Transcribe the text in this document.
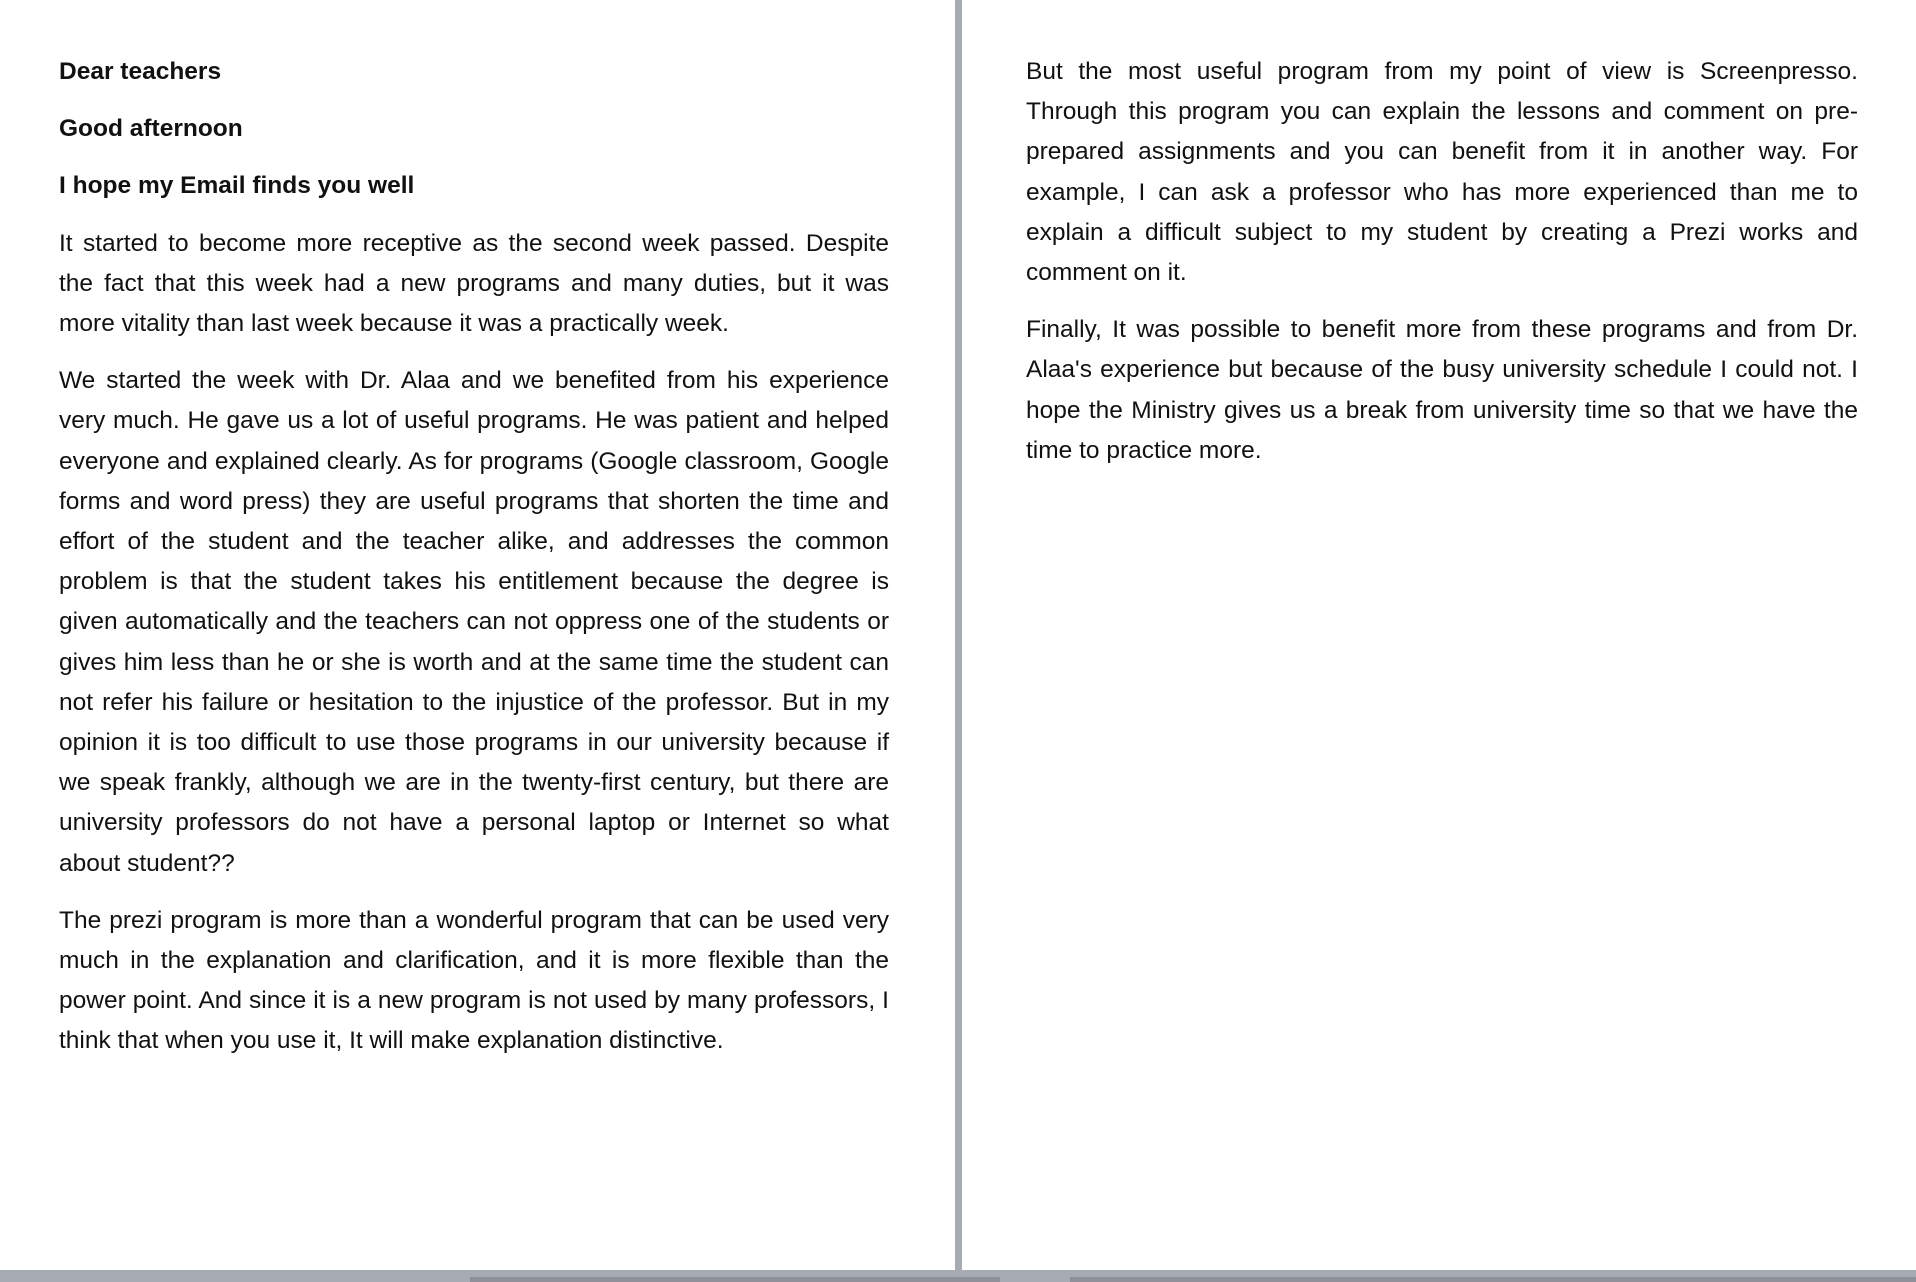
Dear teachers

Good afternoon

I hope my Email finds you well

It started to become more receptive as the second week passed. Despite the fact that this week had a new programs and many duties, but it was more vitality than last week because it was a practically week.

We started the week with Dr. Alaa and we benefited from his experience very much. He gave us a lot of useful programs. He was patient and helped everyone and explained clearly. As for programs (Google classroom, Google forms and word press) they are useful programs that shorten the time and effort of the student and the teacher alike, and addresses the common problem is that the student takes his entitlement because the degree is given automatically and the teachers can not oppress one of the students or gives him less than he or she is worth and at the same time the student can not refer his failure or hesitation to the injustice of the professor. But in my opinion it is too difficult to use those programs in our university because if we speak frankly, although we are in the twenty-first century, but there are university professors do not have a personal laptop or Internet so what about student??

The prezi program is more than a wonderful program that can be used very much in the explanation and clarification, and it is more flexible than the power point. And since it is a new program is not used by many professors, I think that when you use it, It will make explanation distinctive.

But the most useful program from my point of view is Screenpresso. Through this program you can explain the lessons and comment on pre-prepared assignments and you can benefit from it in another way. For example, I can ask a professor who has more experienced than me to explain a difficult subject to my student by creating a Prezi works and comment on it.

Finally, It was possible to benefit more from these programs and from Dr. Alaa's experience but because of the busy university schedule I could not. I hope the Ministry gives us a break from university time so that we have the time to practice more.
